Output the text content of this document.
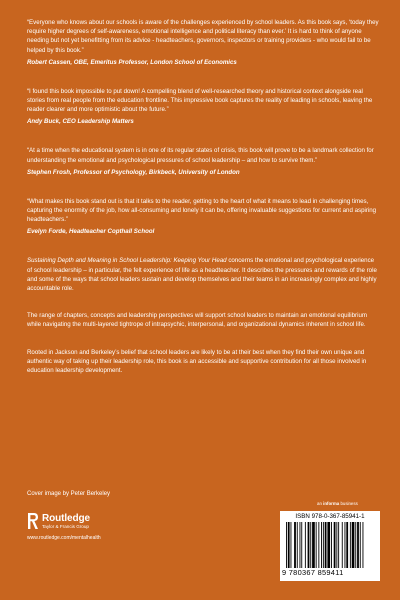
“Everyone who knows about our schools is aware of the challenges experienced by school leaders. As this book says, ‘today they require higher degrees of self-awareness, emotional intelligence and political literacy than ever.’ It is hard to think of anyone needing but not yet benefitting from its advice - headteachers, governors, inspectors or training providers - who would fail to be helped by this book.”

Robert Cassen, OBE, Emeritus Professor, London School of Economics

“I found this book impossible to put down! A compelling blend of well-researched theory and historical context alongside real stories from real people from the education frontline. This impressive book captures the reality of leading in schools, leaving the reader clearer and more optimistic about the future.”

Andy Buck, CEO Leadership Matters

“At a time when the educational system is in one of its regular states of crisis, this book will prove to be a landmark collection for understanding the emotional and psychological pressures of school leadership – and how to survive them.”

Stephen Frosh, Professor of Psychology, Birkbeck, University of London

“What makes this book stand out is that it talks to the reader, getting to the heart of what it means to lead in challenging times, capturing the enormity of the job, how all-consuming and lonely it can be, offering invaluable suggestions for current and aspiring headteachers.”

Evelyn Forde, Headteacher Copthall School

Sustaining Depth and Meaning in School Leadership: Keeping Your Head concerns the emotional and psychological experience of school leadership – in particular, the felt experience of life as a headteacher. It describes the pressures and rewards of the role and some of the ways that school leaders sustain and develop themselves and their teams in an increasingly complex and highly accountable role.

The range of chapters, concepts and leadership perspectives will support school leaders to maintain an emotional equilibrium while navigating the multi-layered tightrope of intrapsychic, interpersonal, and organizational dynamics inherent in school life.

Rooted in Jackson and Berkeley’s belief that school leaders are likely to be at their best when they find their own unique and authentic way of taking up their leadership role, this book is an accessible and supportive contribution for all those involved in education leadership development.

Cover image by Peter Berkeley
Routledge
Taylor & Francis Group
www.routledge.com/mentalhealth
an informa business
ISBN 978-0-367-85941-1
9 780367 859411
